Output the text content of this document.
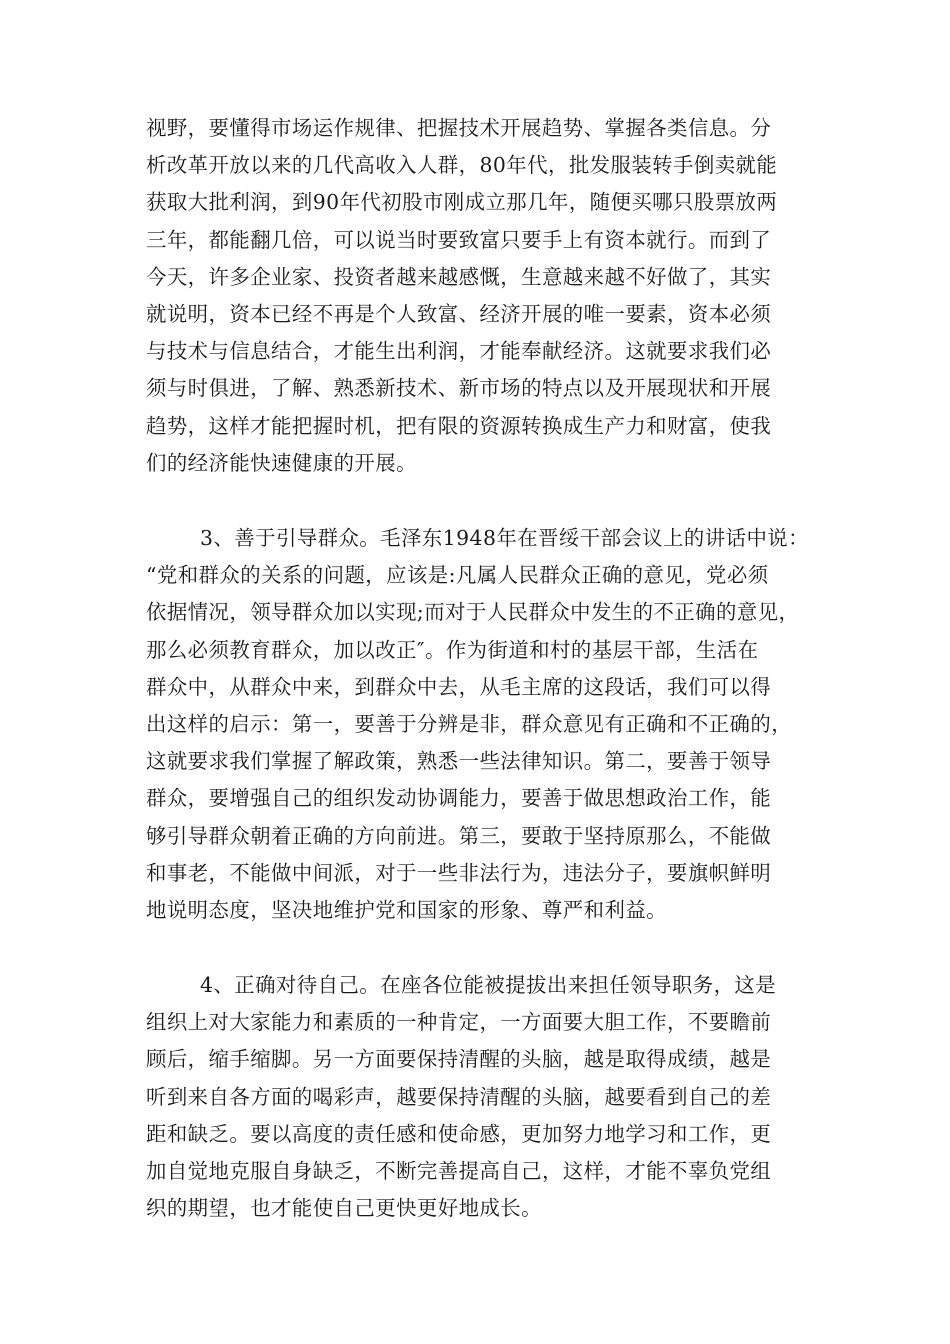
视野，要懂得市场运作规律、把握技术开展趋势、掌握各类信息。分
析改革开放以来的几代高收入人群，80年代，批发服装转手倒卖就能
获取大批利润，到90年代初股市刚成立那几年，随便买哪只股票放两
三年，都能翻几倍，可以说当时要致富只要手上有资本就行。而到了
今天，许多企业家、投资者越来越感慨，生意越来越不好做了，其实
就说明，资本已经不再是个人致富、经济开展的唯一要素，资本必须
与技术与信息结合，才能生出利润，才能奉献经济。这就要求我们必
须与时俱进，了解、熟悉新技术、新市场的特点以及开展现状和开展
趋势，这样才能把握时机，把有限的资源转换成生产力和财富，使我
们的经济能快速健康的开展。
3、善于引导群众。毛泽东1948年在晋绥干部会议上的讲话中说：
“党和群众的关系的问题，应该是:凡属人民群众正确的意见，党必须
依据情况，领导群众加以实现;而对于人民群众中发生的不正确的意见，
那么必须教育群众，加以改正″。作为街道和村的基层干部，生活在
群众中，从群众中来，到群众中去，从毛主席的这段话，我们可以得
出这样的启示：第一，要善于分辨是非，群众意见有正确和不正确的，
这就要求我们掌握了解政策，熟悉一些法律知识。第二，要善于领导
群众，要增强自己的组织发动协调能力，要善于做思想政治工作，能
够引导群众朝着正确的方向前进。第三，要敢于坚持原那么，不能做
和事老，不能做中间派，对于一些非法行为，违法分子，要旗帜鲜明
地说明态度，坚决地维护党和国家的形象、尊严和利益。
4、正确对待自己。在座各位能被提拔出来担任领导职务，这是
组织上对大家能力和素质的一种肯定，一方面要大胆工作，不要瞻前
顾后，缩手缩脚。另一方面要保持清醒的头脑，越是取得成绩，越是
听到来自各方面的喝彩声，越要保持清醒的头脑，越要看到自己的差
距和缺乏。要以高度的责任感和使命感，更加努力地学习和工作，更
加自觉地克服自身缺乏，不断完善提高自己，这样，才能不辜负党组
织的期望，也才能使自己更快更好地成长。
